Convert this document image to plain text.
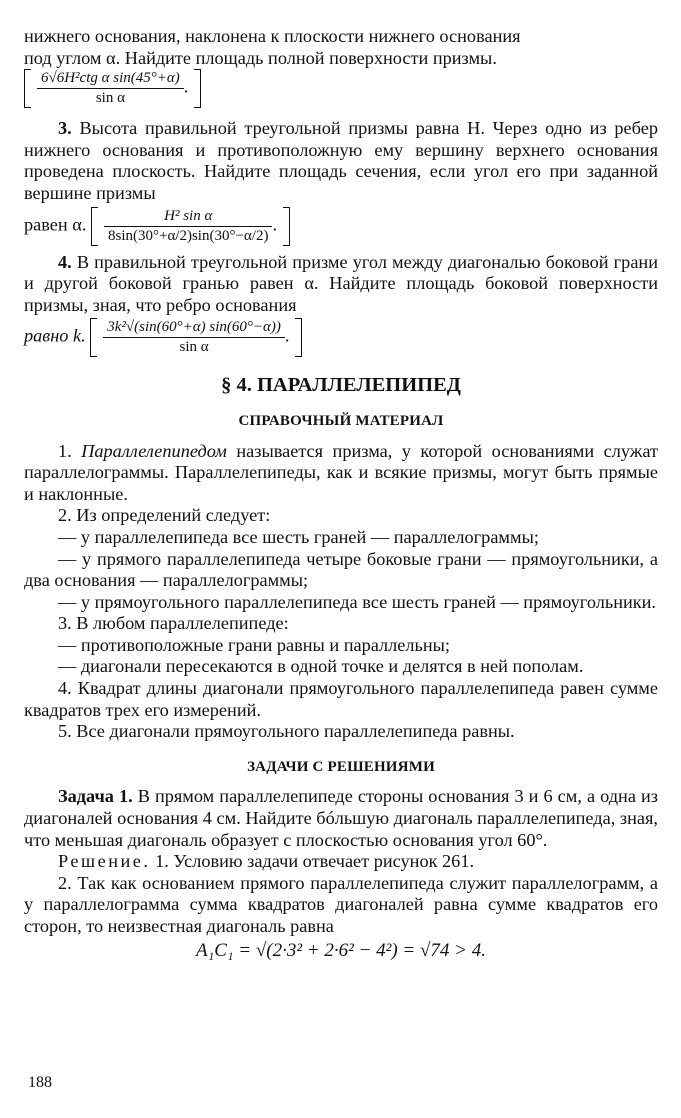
нижнего основания, наклонена к плоскости нижнего основания

под углом α. Найдите площадь полной поверхности призмы.

$\frac{\text{6√6H²ctg α sin(45°+α)}}{\text{sin α}}$ .

3. Высота правильной треугольной призмы равна H. Через одно из ребер нижнего основания и противоположную ему вершину верхнего основания проведена плоскость. Найдите площадь сечения, если угол его при заданной вершине призмы

равен α. $\frac{\text{H² sin α}}{8\sin(30^\circ+\alpha/2)\sin(30^\circ-\alpha/2)}$ .

4. В правильной треугольной призме угол между диагональю боковой грани и другой боковой гранью равен α. Найдите площадь боковой поверхности призмы, зная, что ребро основания

равно k. $\frac{\text{3k²√(sin(60°+α) sin(60°−α))}}{\text{sin α}}$ .
§ 4. ПАРАЛЛЕЛЕПИПЕД
СПРАВОЧНЫЙ МАТЕРИАЛ

1. Параллелепипедом называется призма, у которой основаниями служат параллелограммы. Параллелепипеды, как и всякие призмы, могут быть прямые и наклонные.

2. Из определений следует:

— у параллелепипеда все шесть граней — параллелограммы;

— у прямого параллелепипеда четыре боковые грани — прямоугольники, а два основания — параллелограммы;

— у прямоугольного параллелепипеда все шесть граней — прямоугольники.

3. В любом параллелепипеде:

— противоположные грани равны и параллельны;

— диагонали пересекаются в одной точке и делятся в ней пополам.

4. Квадрат длины диагонали прямоугольного параллелепипеда равен сумме квадратов трех его измерений.

5. Все диагонали прямоугольного параллелепипеда равны.

ЗАДАЧИ С РЕШЕНИЯМИ

Задача 1. В прямом параллелепипеде стороны основания 3 и 6 см, а одна из диагоналей основания 4 см. Найдите бóльшую диагональ параллелепипеда, зная, что меньшая диагональ образует с плоскостью основания угол 60°.

Решение. 1. Условию задачи отвечает рисунок 261.

2. Так как основанием прямого параллелепипеда служит параллелограмм, а у параллелограмма сумма квадратов диагоналей равна сумме квадратов его сторон, то неизвестная диагональ равна

A₁C₁ = √(2·3² + 2·6² − 4²) = √74 > 4.
188
